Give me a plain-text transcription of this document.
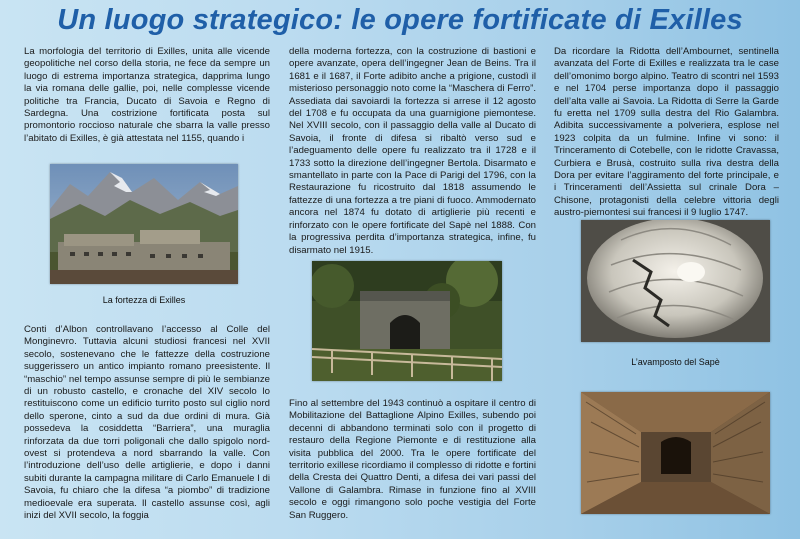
Un luogo strategico: le opere fortificate di Exilles

La morfologia del territorio di Exilles, unita alle vicende geopolitiche nel corso della storia, ne fece da sempre un luogo di estrema importanza strategica, dapprima lungo la via romana delle gallie, poi, nelle complesse vicende politiche tra Francia, Ducato di Savoia e Regno di Sardegna. Una costrizione fortificata posta sul promontorio roccioso naturale che sbarra la valle presso l’abitato di Exilles, è già attestata nel 1155, quando i

La fortezza di Exilles

Conti d’Albon controllavano l’accesso al Colle del Monginevro. Tuttavia alcuni studiosi francesi nel XVII secolo, sostenevano che le fattezze della costruzione suggerissero un antico impianto romano preesistente. Il “maschio” nel tempo assunse sempre di più le sembianze di un robusto castello, e cronache del XIV secolo lo restituiscono come un edificio turrito posto sul ciglio nord dello sperone, cinto a sud da due ordini di mura. Già possedeva la cosiddetta “Barriera”, una muraglia rinforzata da due torri poligonali che dallo spigolo nord-ovest si protendeva a nord sbarrando la valle. Con l’introduzione dell’uso delle artiglierie, e dopo i danni subiti durante la campagna militare di Carlo Emanuele I di Savoia, fu chiaro che la difesa “a piombo” di tradizione medioevale era superata. Il castello assunse così, agli inizi del XVII secolo, la foggia

della moderna fortezza, con la costruzione di bastioni e opere avanzate, opera dell’ingegner Jean de Beins. Tra il 1681 e il 1687, il Forte adibito anche a prigione, custodì il misterioso personaggio noto come la “Maschera di Ferro”. Assediata dai savoiardi la fortezza si arrese il 12 agosto del 1708 e fu occupata da una guarnigione piemontese. Nel XVIII secolo, con il passaggio della valle al Ducato di Savoia, il fronte di difesa si ribaltò verso sud e l’adeguamento delle opere fu realizzato tra il 1728 e il 1733 sotto la direzione dell’ingegner Bertola. Disarmato e smantellato in parte con la Pace di Parigi del 1796, con la Restaurazione fu ricostruito dal 1818 assumendo le fattezze di una fortezza a tre piani di fuoco. Ammodernato ancora nel 1874 fu dotato di artiglierie più recenti e rinforzato con le opere fortificate del Sapè nel 1888. Con la progressiva perdita d’importanza strategica, infine, fu disarmato nel 1915.

Fino al settembre del 1943 continuò a ospitare il centro di Mobilitazione del Battaglione Alpino Exilles, subendo poi decenni di abbandono terminati solo con il progetto di restauro della Regione Piemonte e di restituzione alla visita pubblica del 2000. Tra le opere fortificate del territorio exillese ricordiamo il complesso di ridotte e fortini della Cresta dei Quattro Denti, a difesa dei vari passi del Vallone di Galambra. Rimase in funzione fino al XVIII secolo e oggi rimangono solo poche vestigia del Forte San Ruggero.

Da ricordare la Ridotta dell’Ambournet, sentinella avanzata del Forte di Exilles e realizzata tra le case dell’omonimo borgo alpino. Teatro di scontri nel 1593 e nel 1704 perse importanza dopo il passaggio dell’alta valle ai Savoia. La Ridotta di Serre la Garde fu eretta nel 1709 sulla destra del Rio Galambra. Adibita successivamente a polveriera, esplose nel 1923 colpita da un fulmine. Infine vi sono: il Trinceramento di Cotebelle, con le ridotte Cravassa, Curbiera e Brusà, costruito sulla riva destra della Dora per evitare l’aggiramento del forte principale, e i Trinceramenti dell’Assietta sul crinale Dora – Chisone, protagonisti della celebre vittoria degli austro-piemontesi sui francesi il 9 luglio 1747.

L’avamposto del Sapè
